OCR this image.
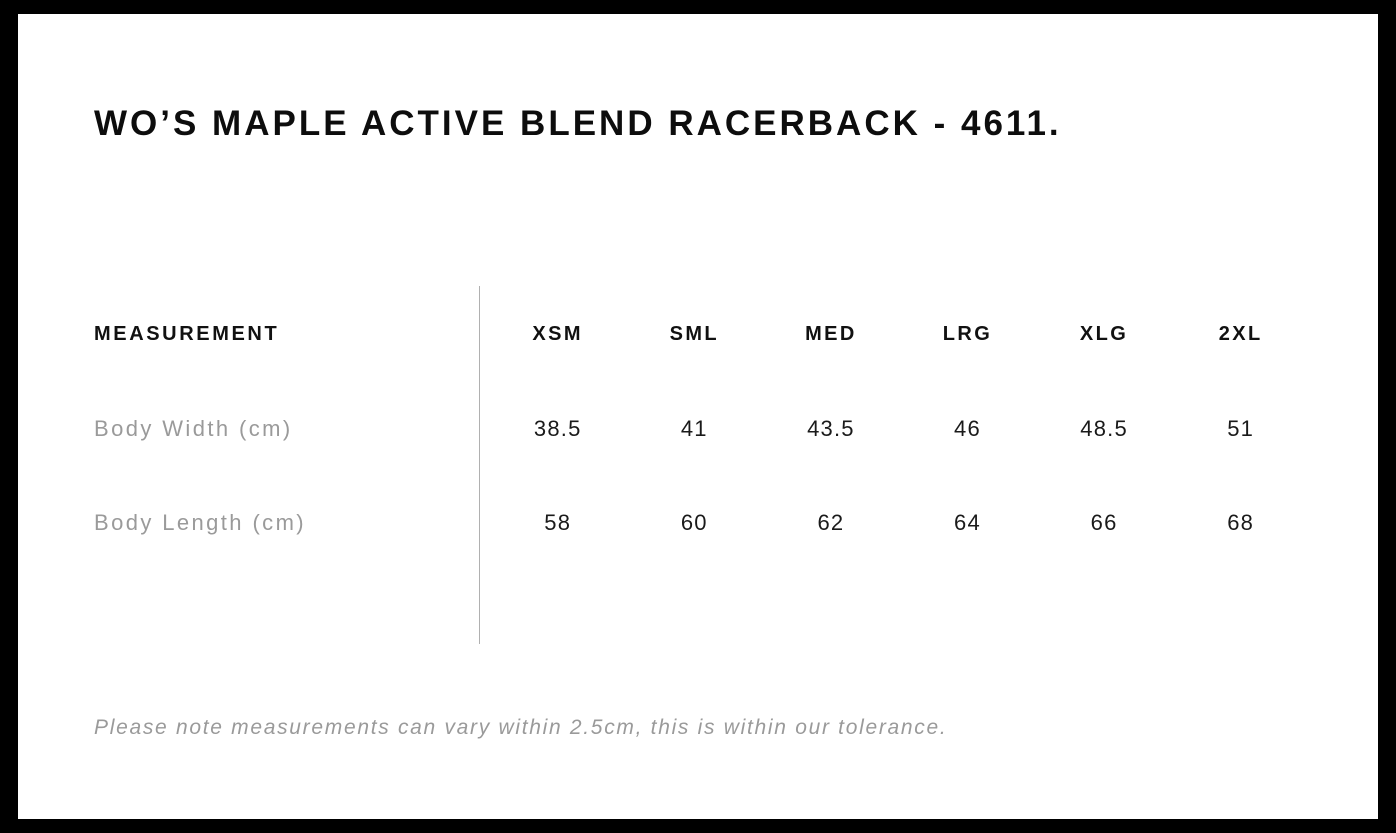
WO’S MAPLE ACTIVE BLEND RACERBACK - 4611.
MEASUREMENT	XSM	SML	MED	LRG	XLG	2XL
Body Width (cm)	38.5	41	43.5	46	48.5	51
Body Length (cm)	58	60	62	64	66	68

Please note measurements can vary within 2.5cm, this is within our tolerance.
